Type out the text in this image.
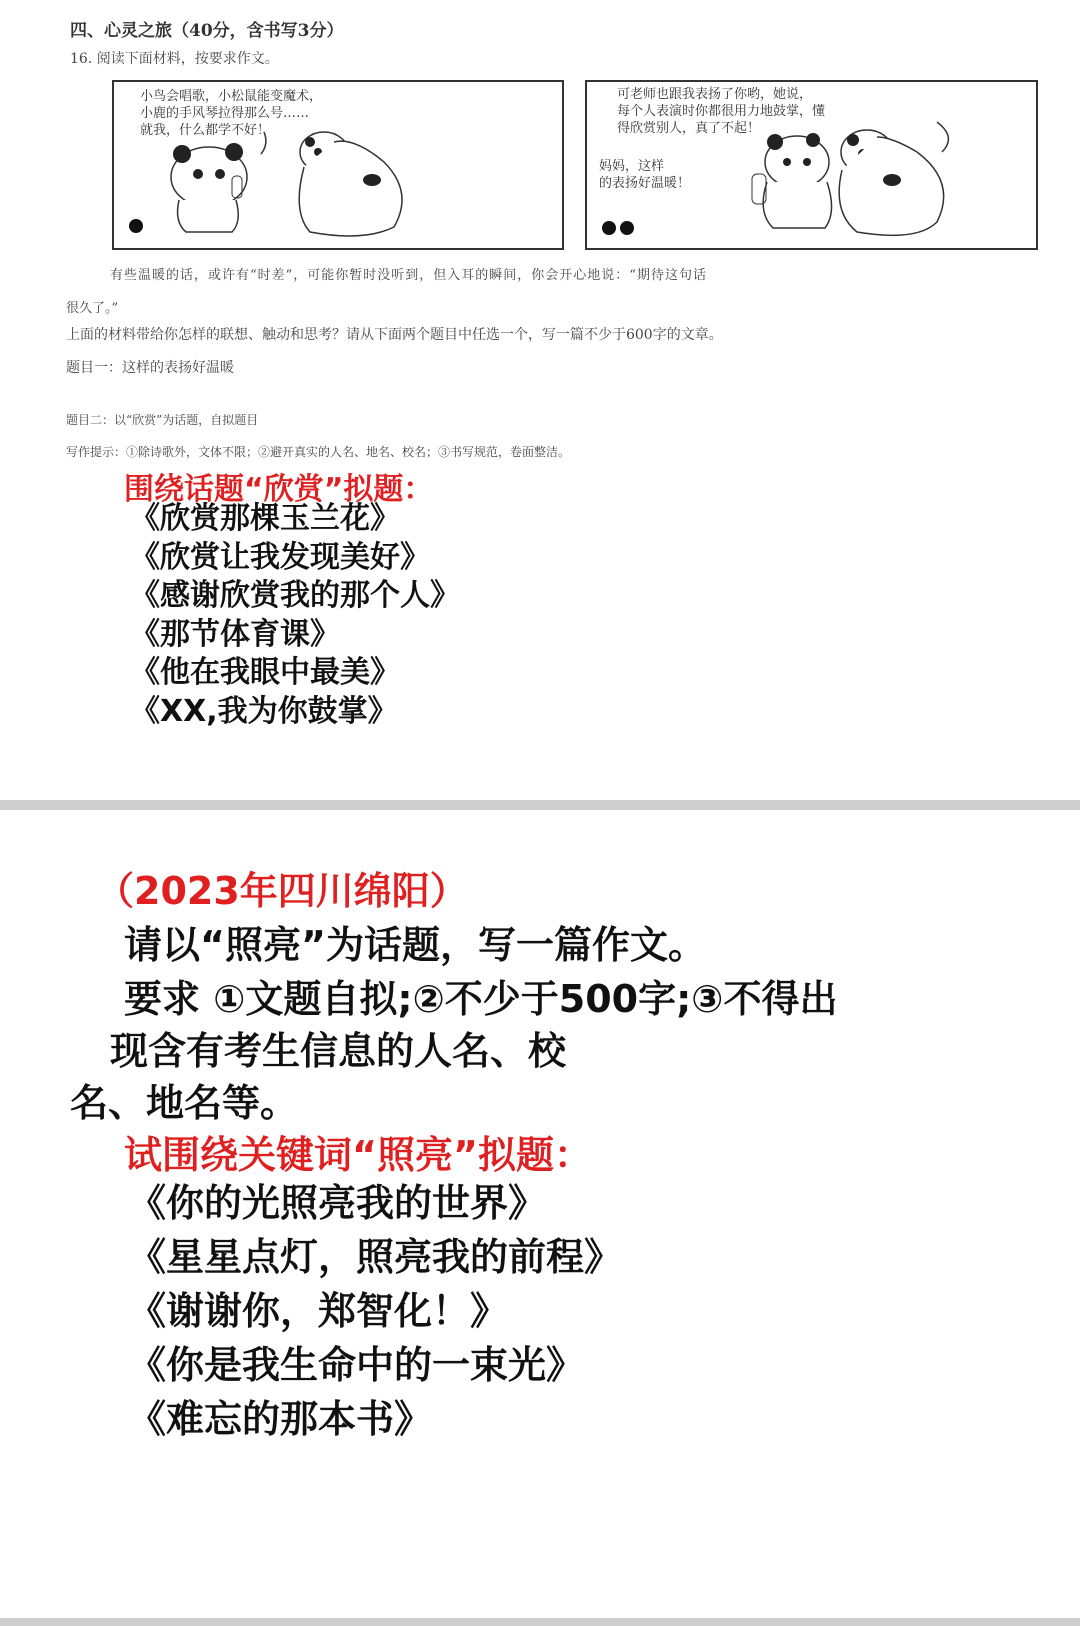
四、心灵之旅（40分，含书写3分）
16. 阅读下面材料，按要求作文。
小鸟会唱歌，小松鼠能变魔术，
小鹿的手风琴拉得那么号……
就我，什么都学不好！
可老师也跟我表扬了你哟，她说，
每个人表演时你都很用力地鼓掌，懂
得欣赏别人，真了不起！
妈妈，这样
的表扬好温暖！
有些温暖的话，或许有“时差”，可能你暂时没听到，但入耳的瞬间，你会开心地说：“期待这句话
很久了。”
上面的材料带给你怎样的联想、触动和思考？请从下面两个题目中任选一个，写一篇不少于600字的文章。
题目一：这样的表扬好温暖
题目二：以“欣赏”为话题，自拟题目
写作提示：①除诗歌外，文体不限；②避开真实的人名、地名、校名；③书写规范，卷面整洁。
围绕话题“欣赏”拟题：
《欣赏那棵玉兰花》
《欣赏让我发现美好》
《感谢欣赏我的那个人》
《那节体育课》
《他在我眼中最美》
《XX,我为你鼓掌》
（2023年四川绵阳）
请以“照亮”为话题，写一篇作文。
要求 ①文题自拟;②不少于500字;③不得出
现含有考生信息的人名、校
名、地名等。
试围绕关键词“照亮”拟题：
《你的光照亮我的世界》
《星星点灯，照亮我的前程》
《谢谢你，郑智化！》
《你是我生命中的一束光》
《难忘的那本书》
